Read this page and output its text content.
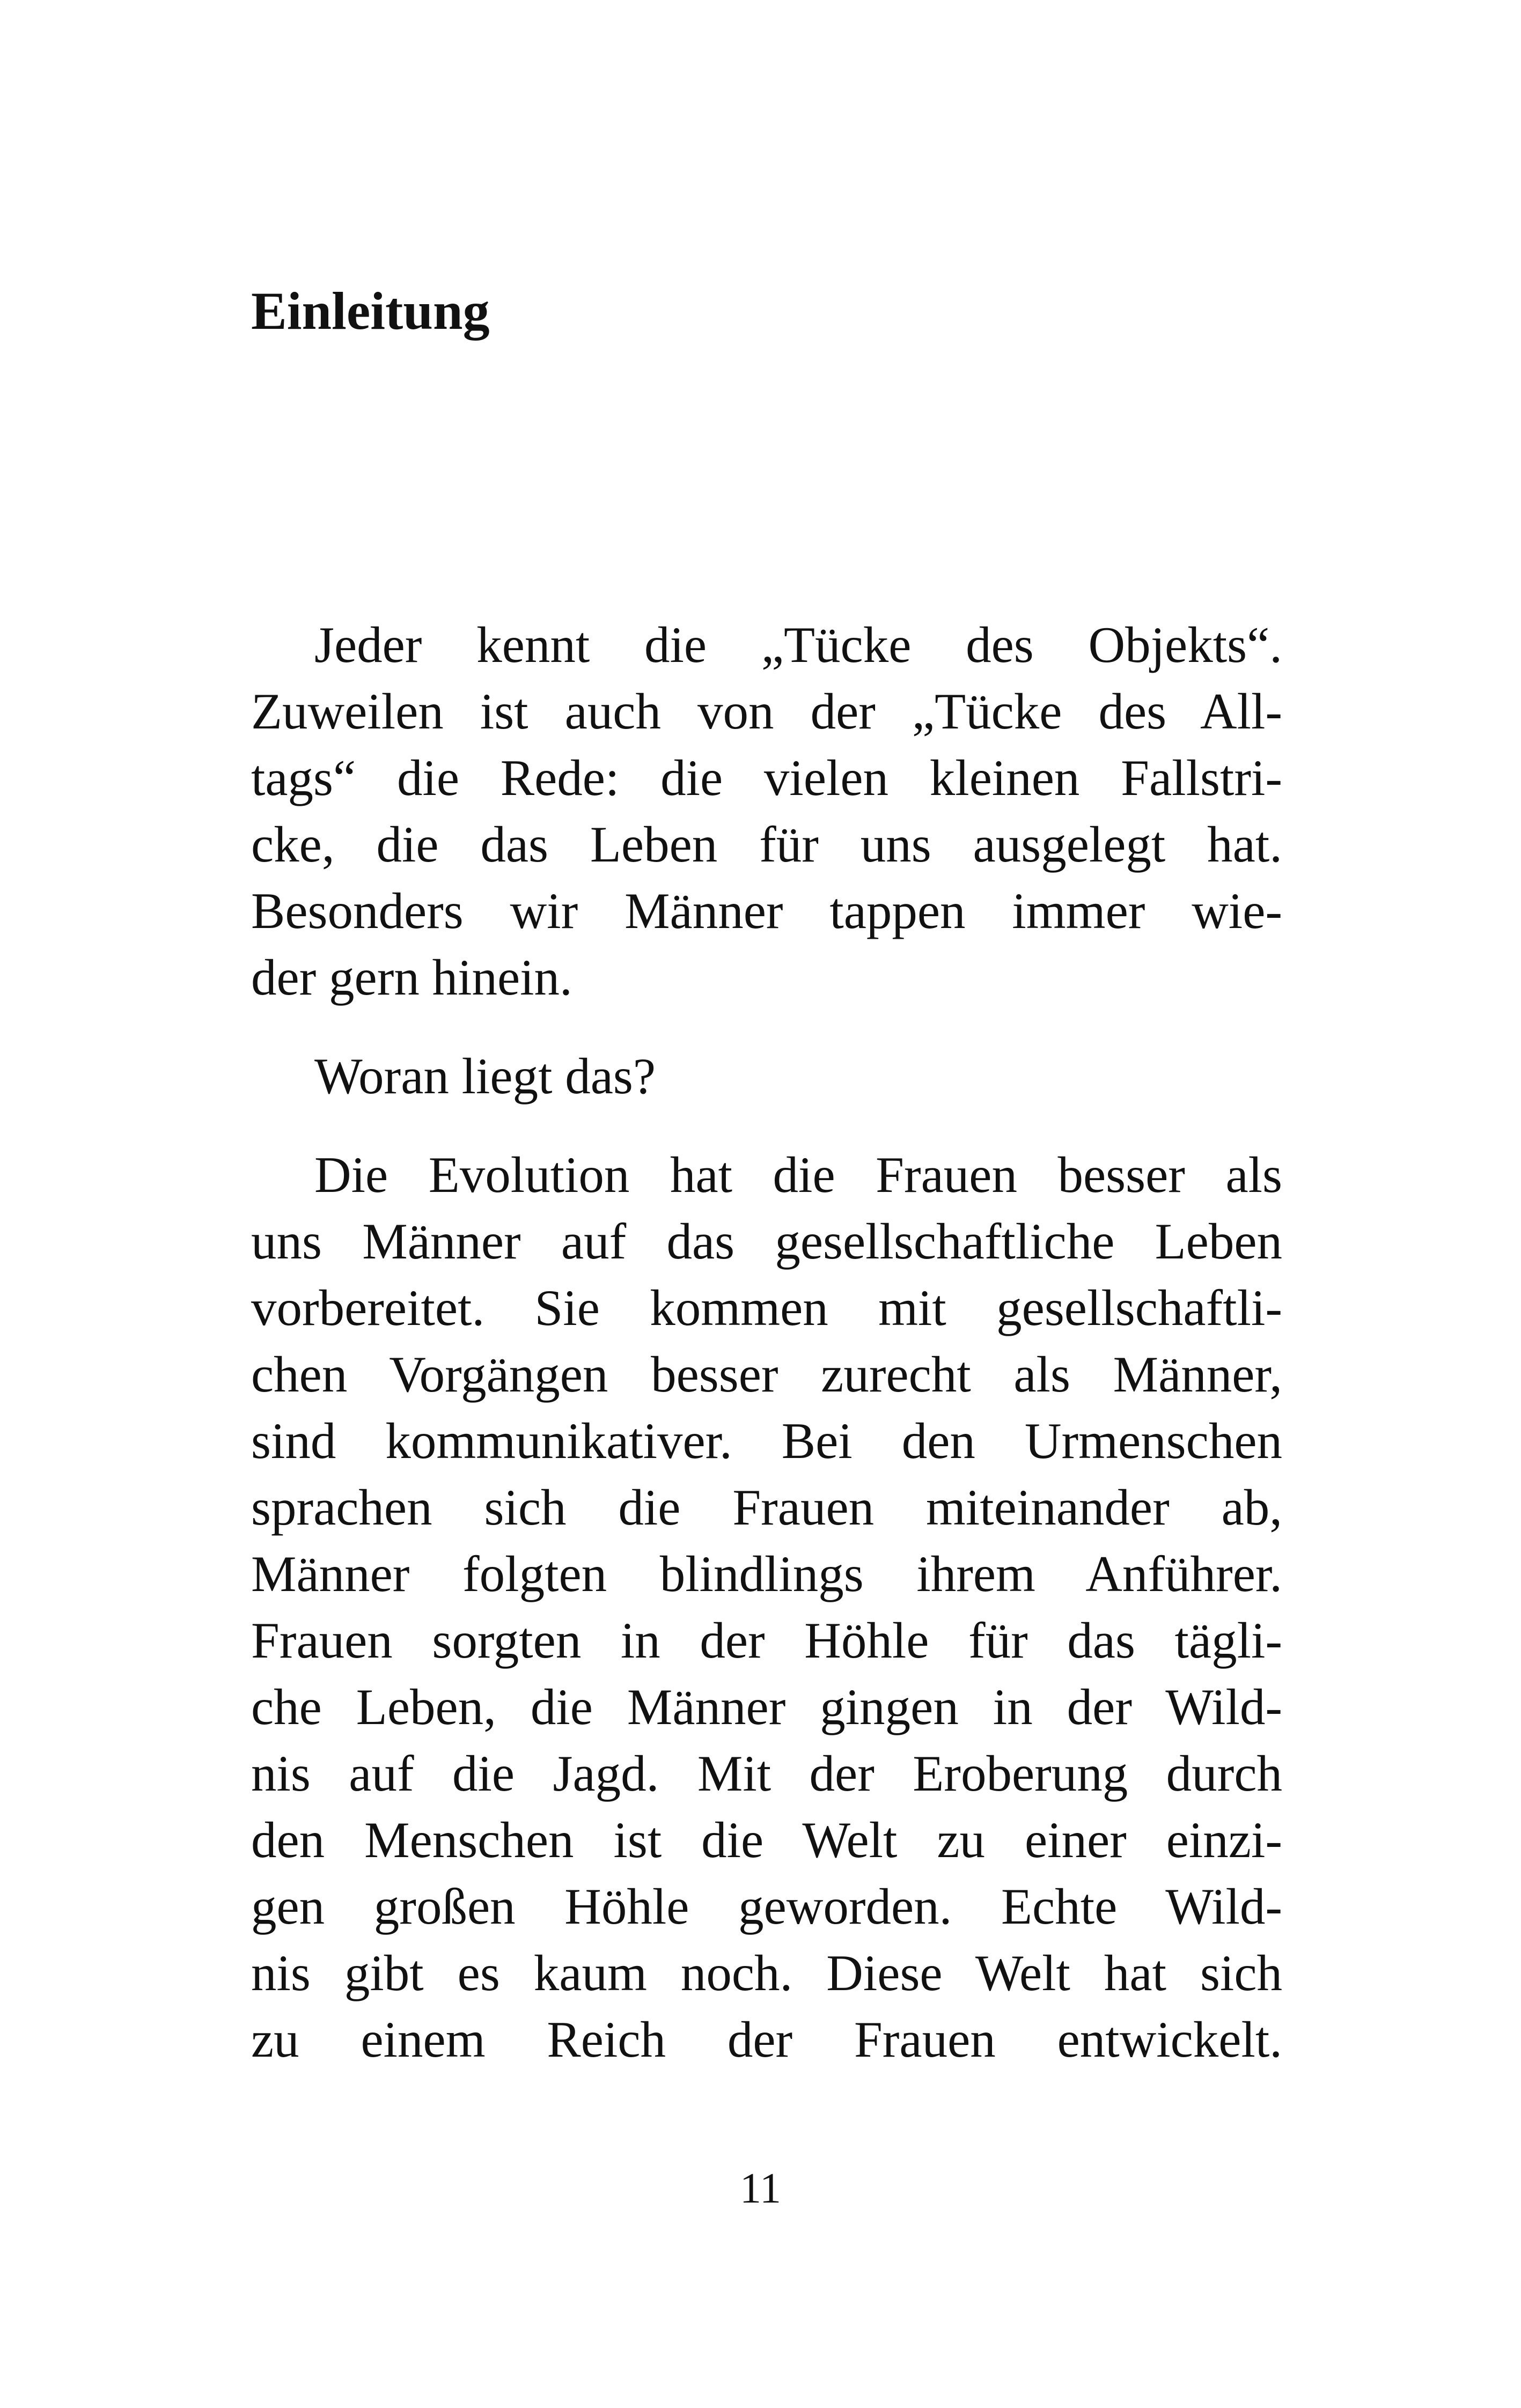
Einleitung
Jeder kennt die „Tücke des Objekts“.
Zuweilen ist auch von der „Tücke des All-
tags“ die Rede: die vielen kleinen Fallstri-
cke, die das Leben für uns ausgelegt hat.
Besonders wir Männer tappen immer wie-
der gern hinein.
Woran liegt das?
Die Evolution hat die Frauen besser als
uns Männer auf das gesellschaftliche Leben
vorbereitet. Sie kommen mit gesellschaftli-
chen Vorgängen besser zurecht als Männer,
sind kommunikativer. Bei den Urmenschen
sprachen sich die Frauen miteinander ab,
Männer folgten blindlings ihrem Anführer.
Frauen sorgten in der Höhle für das tägli-
che Leben, die Männer gingen in der Wild-
nis auf die Jagd. Mit der Eroberung durch
den Menschen ist die Welt zu einer einzi-
gen großen Höhle geworden. Echte Wild-
nis gibt es kaum noch. Diese Welt hat sich
zu einem Reich der Frauen entwickelt.
11
